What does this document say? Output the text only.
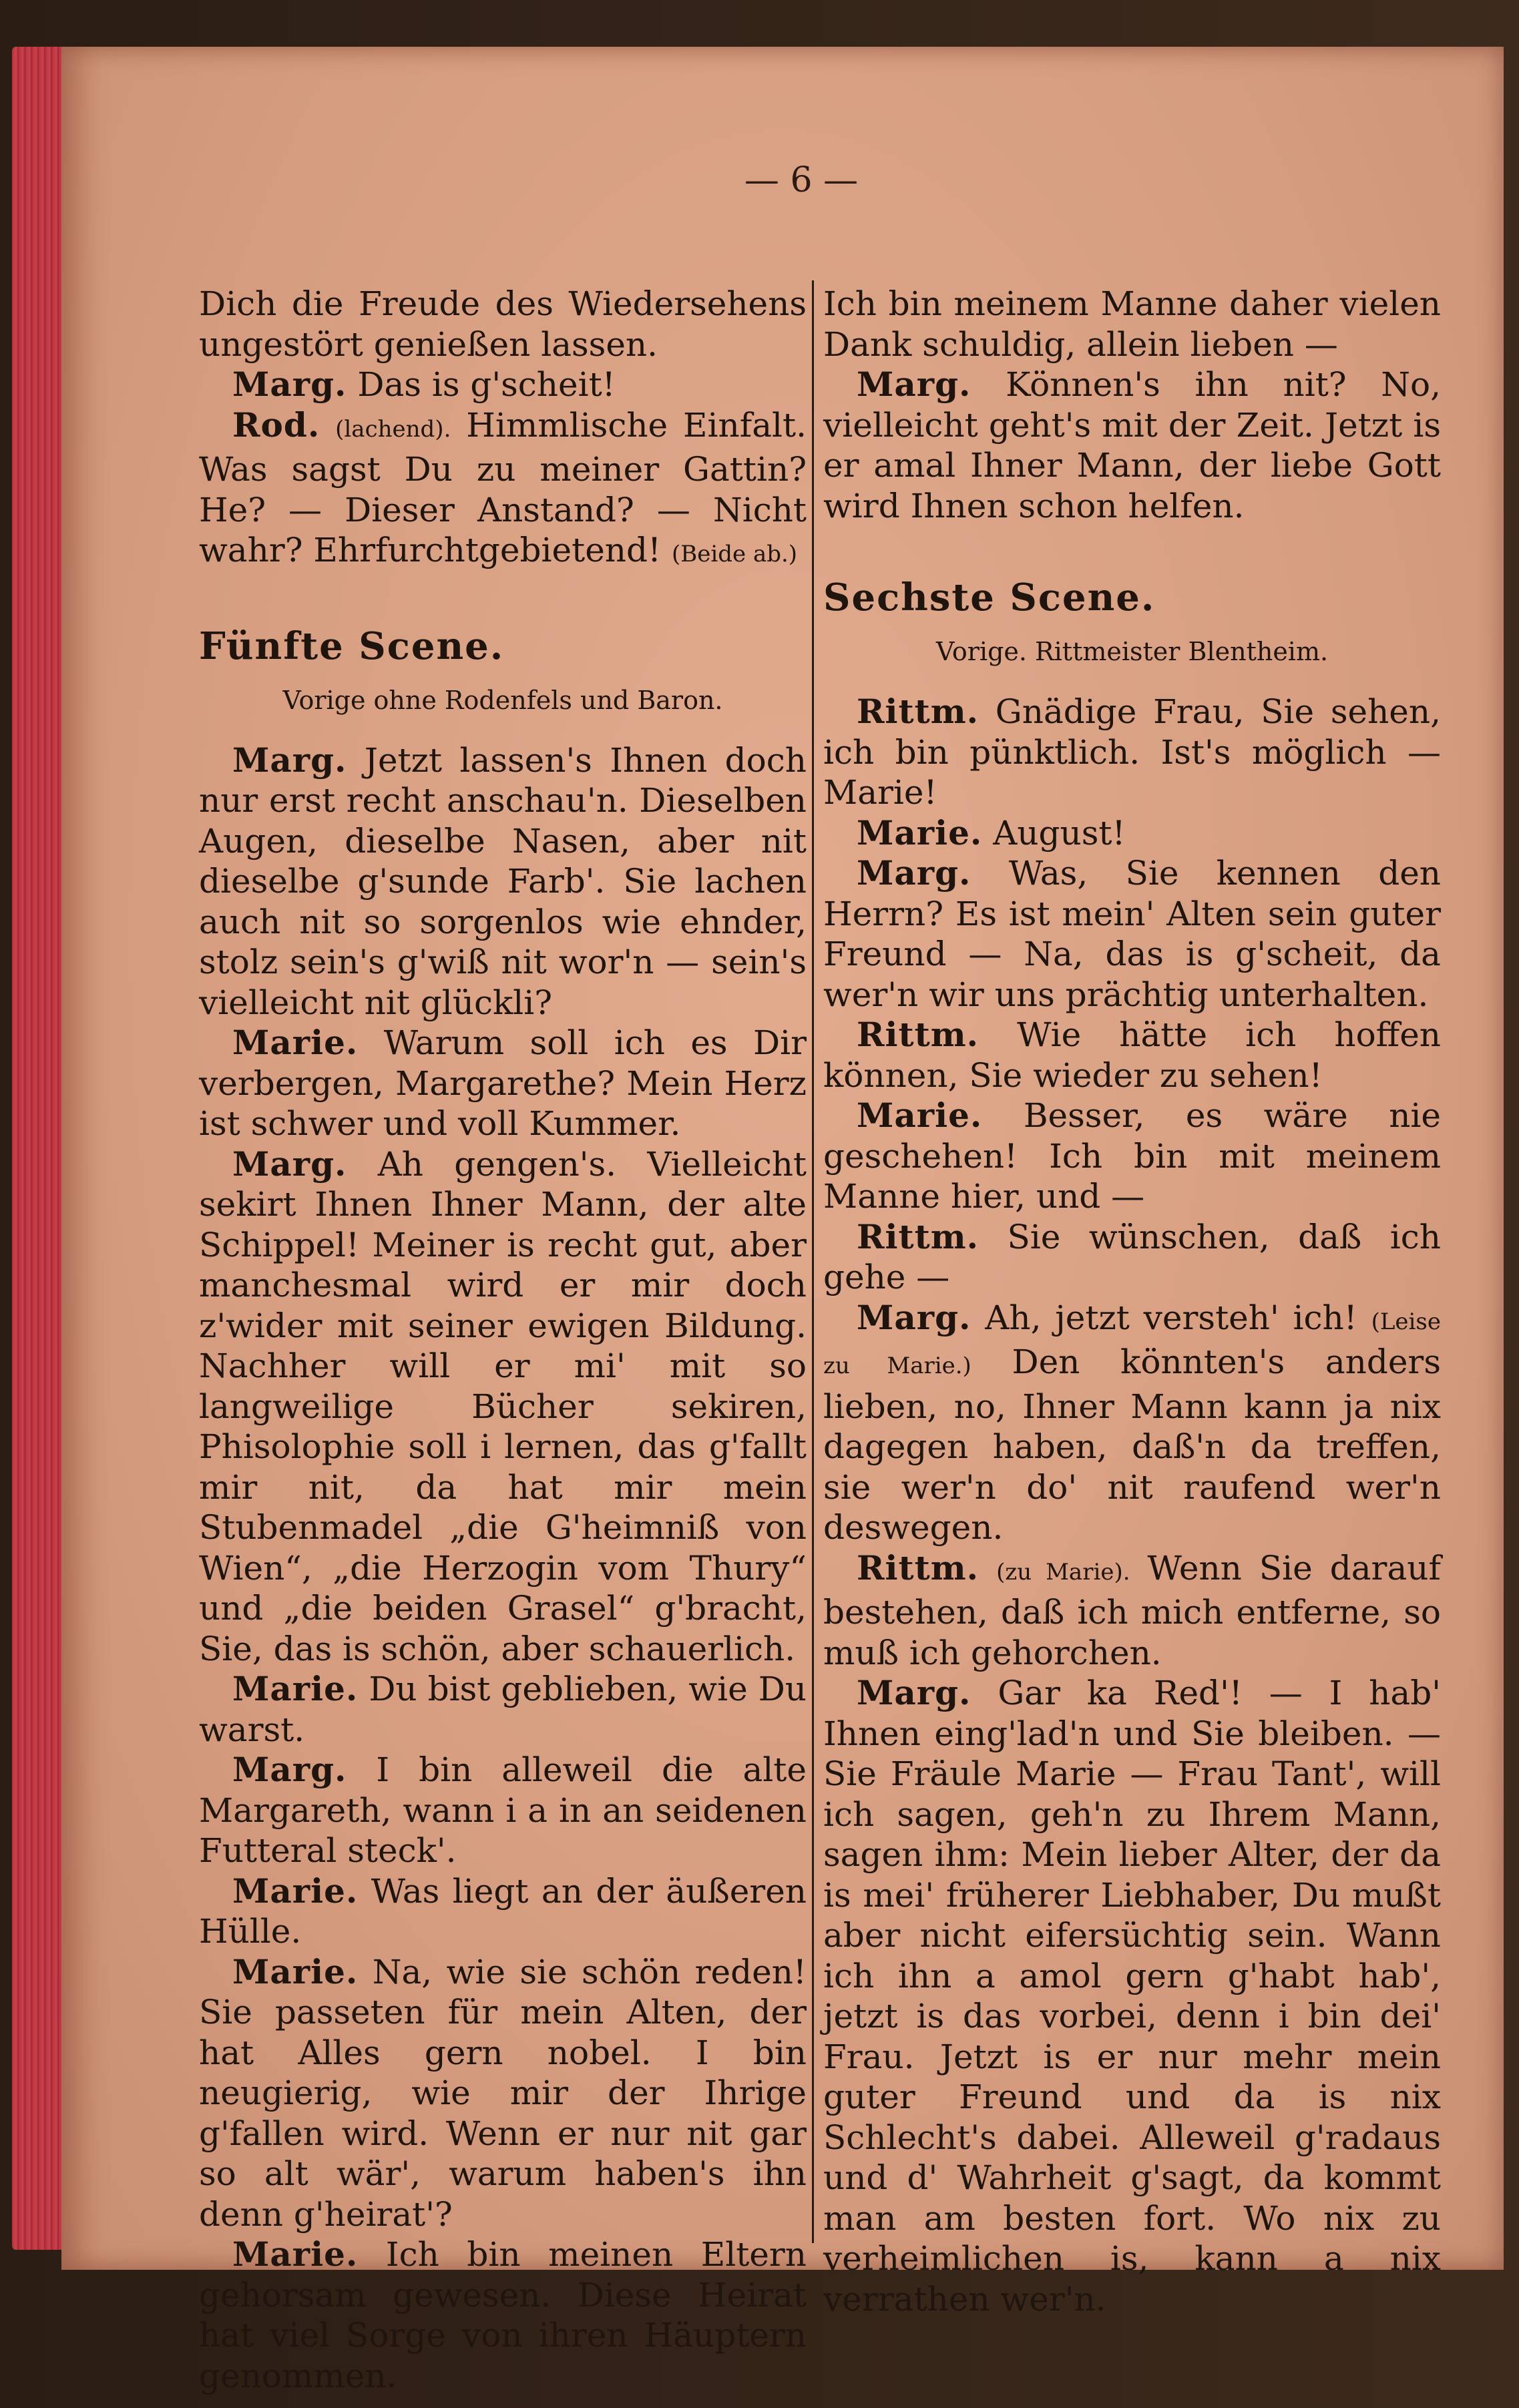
— 6 —

Dich die Freude des Wiedersehens ungestört genießen lassen.

Marg. Das is g'scheit!

Rod. (lachend). Himmlische Einfalt. Was sagst Du zu meiner Gattin? He? — Dieser Anstand? — Nicht wahr? Ehrfurchtgebietend! (Beide ab.)

Fünfte Scene.

Vorige ohne Rodenfels und Baron.

Marg. Jetzt lassen's Ihnen doch nur erst recht anschau'n. Dieselben Augen, dieselbe Nasen, aber nit dieselbe g'sunde Farb'. Sie lachen auch nit so sorgenlos wie ehnder, stolz sein's g'wiß nit wor'n — sein's vielleicht nit glückli?

Marie. Warum soll ich es Dir verbergen, Margarethe? Mein Herz ist schwer und voll Kummer.

Marg. Ah gengen's. Vielleicht sekirt Ihnen Ihner Mann, der alte Schippel! Meiner is recht gut, aber manchesmal wird er mir doch z'wider mit seiner ewigen Bildung. Nachher will er mi' mit so langweilige Bücher sekiren, Phisolophie soll i lernen, das g'fallt mir nit, da hat mir mein Stubenmadel „die G'heimniß von Wien“, „die Herzogin vom Thury“ und „die beiden Grasel“ g'bracht, Sie, das is schön, aber schauerlich.

Marie. Du bist geblieben, wie Du warst.

Marg. I bin alleweil die alte Margareth, wann i a in an seidenen Futteral steck'.

Marie. Was liegt an der äußeren Hülle.

Marie. Na, wie sie schön reden! Sie passeten für mein Alten, der hat Alles gern nobel. I bin neugierig, wie mir der Ihrige g'fallen wird. Wenn er nur nit gar so alt wär', warum haben's ihn denn g'heirat'?

Marie. Ich bin meinen Eltern gehorsam gewesen. Diese Heirat hat viel Sorge von ihren Häuptern genommen.

Ich bin meinem Manne daher vielen Dank schuldig, allein lieben —

Marg. Können's ihn nit? No, vielleicht geht's mit der Zeit. Jetzt is er amal Ihner Mann, der liebe Gott wird Ihnen schon helfen.

Sechste Scene.

Vorige. Rittmeister Blentheim.

Rittm. Gnädige Frau, Sie sehen, ich bin pünktlich. Ist's möglich — Marie!

Marie. August!

Marg. Was, Sie kennen den Herrn? Es ist mein' Alten sein guter Freund — Na, das is g'scheit, da wer'n wir uns prächtig unterhalten.

Rittm. Wie hätte ich hoffen können, Sie wieder zu sehen!

Marie. Besser, es wäre nie geschehen! Ich bin mit meinem Manne hier, und —

Rittm. Sie wünschen, daß ich gehe —

Marg. Ah, jetzt versteh' ich! (Leise zu Marie.) Den könnten's anders lieben, no, Ihner Mann kann ja nix dagegen haben, daß'n da treffen, sie wer'n do' nit raufend wer'n deswegen.

Rittm. (zu Marie). Wenn Sie darauf bestehen, daß ich mich entferne, so muß ich gehorchen.

Marg. Gar ka Red'! — I hab' Ihnen eing'lad'n und Sie bleiben. — Sie Fräule Marie — Frau Tant', will ich sagen, geh'n zu Ihrem Mann, sagen ihm: Mein lieber Alter, der da is mei' früherer Liebhaber, Du mußt aber nicht eifersüchtig sein. Wann ich ihn a amol gern g'habt hab', jetzt is das vorbei, denn i bin dei' Frau. Jetzt is er nur mehr mein guter Freund und da is nix Schlecht's dabei. Alleweil g'radaus und d' Wahrheit g'sagt, da kommt man am besten fort. Wo nix zu verheimlichen is, kann a nix verrathen wer'n.
